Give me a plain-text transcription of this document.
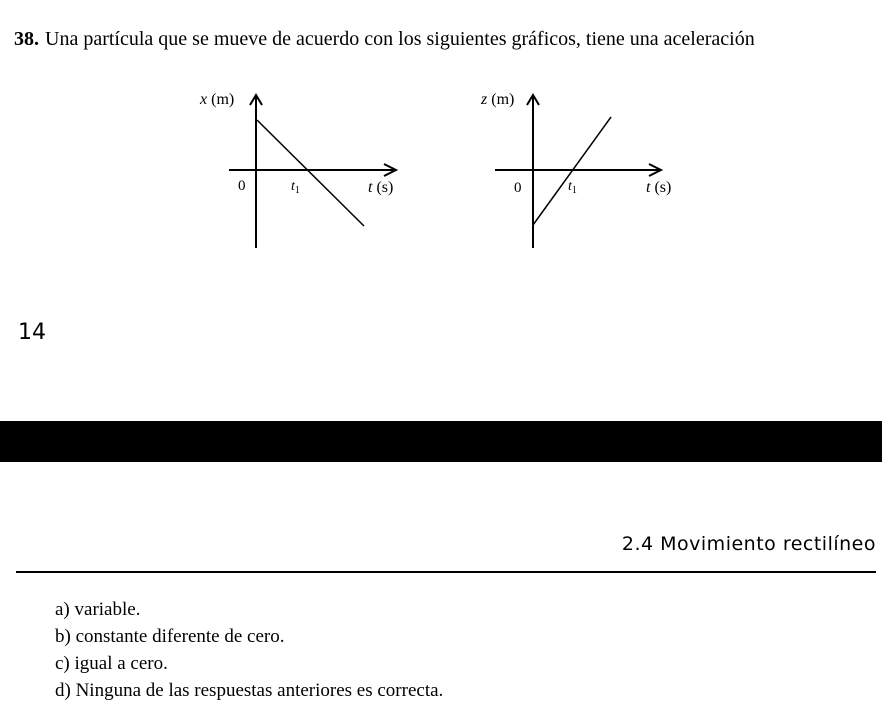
38. Una partícula que se mueve de acuerdo con los siguientes gráficos, tiene una aceleración
x (m)
0	$t_1$	t (s)
z (m)
0	$t_1$	t (s)
14
2.4 Movimiento rectilíneo
a) variable.
b) constante diferente de cero.
c) igual a cero.
d) Ninguna de las respuestas anteriores es correcta.
